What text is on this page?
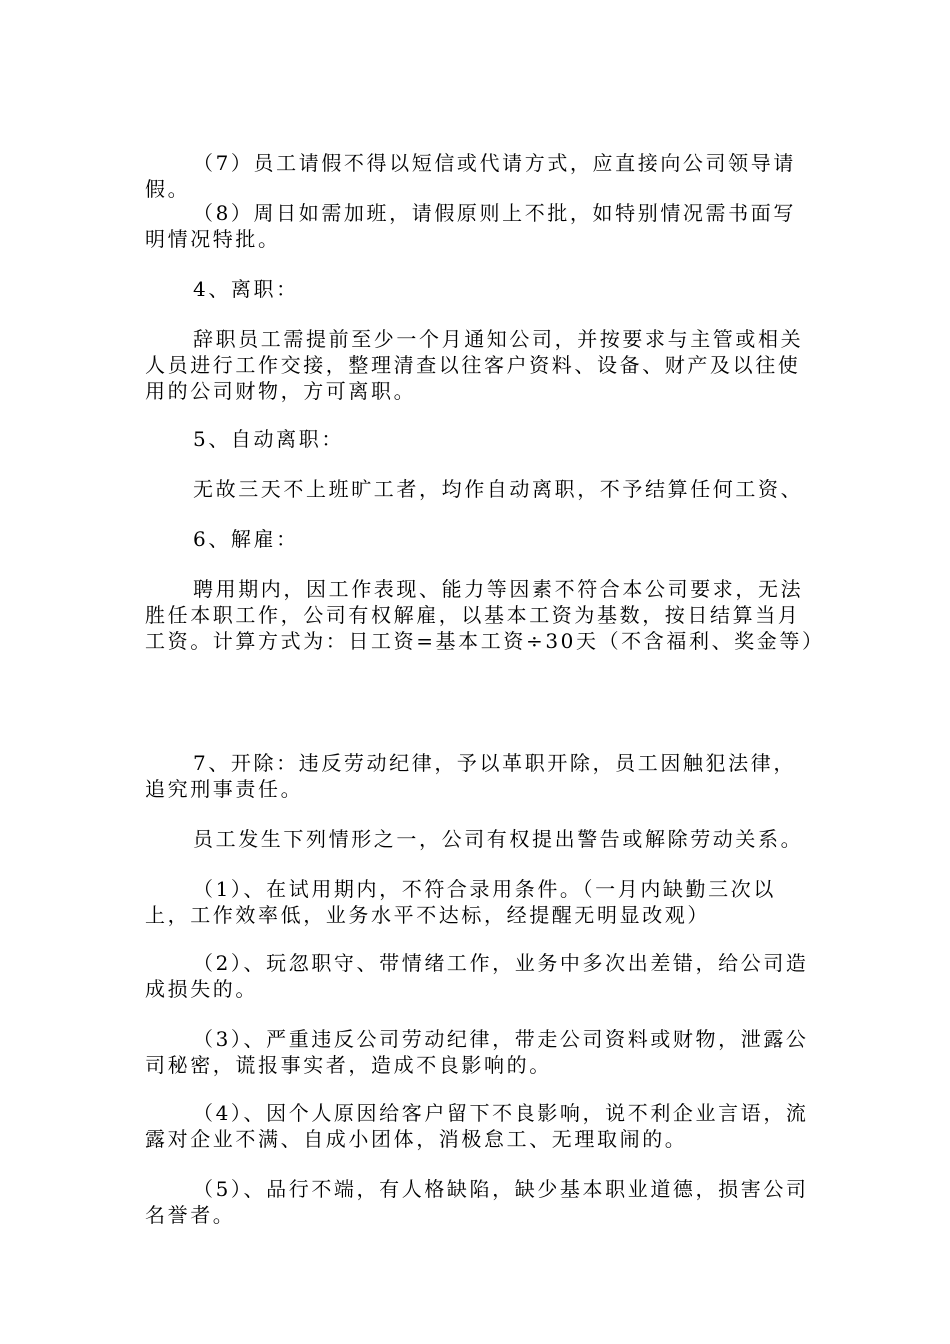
（7）员工请假不得以短信或代请方式，应直接向公司领导请假。

（8）周日如需加班，请假原则上不批，如特别情况需书面写明情况特批。

4、离职：

辞职员工需提前至少一个月通知公司，并按要求与主管或相关人员进行工作交接，整理清查以往客户资料、设备、财产及以往使用的公司财物，方可离职。

5、自动离职：

无故三天不上班旷工者，均作自动离职，不予结算任何工资、

6、解雇：

聘用期内，因工作表现、能力等因素不符合本公司要求，无法胜任本职工作，公司有权解雇，以基本工资为基数，按日结算当月工资。计算方式为：日工资=基本工资÷30天（不含福利、奖金等）

7、开除：违反劳动纪律，予以革职开除，员工因触犯法律，追究刑事责任。

员工发生下列情形之一，公司有权提出警告或解除劳动关系。

（1）、在试用期内，不符合录用条件。（一月内缺勤三次以上，工作效率低，业务水平不达标，经提醒无明显改观）

（2）、玩忽职守、带情绪工作，业务中多次出差错，给公司造成损失的。

（3）、严重违反公司劳动纪律，带走公司资料或财物，泄露公司秘密，谎报事实者，造成不良影响的。

（4）、因个人原因给客户留下不良影响，说不利企业言语，流露对企业不满、自成小团体，消极怠工、无理取闹的。

（5）、品行不端，有人格缺陷，缺少基本职业道德，损害公司名誉者。
